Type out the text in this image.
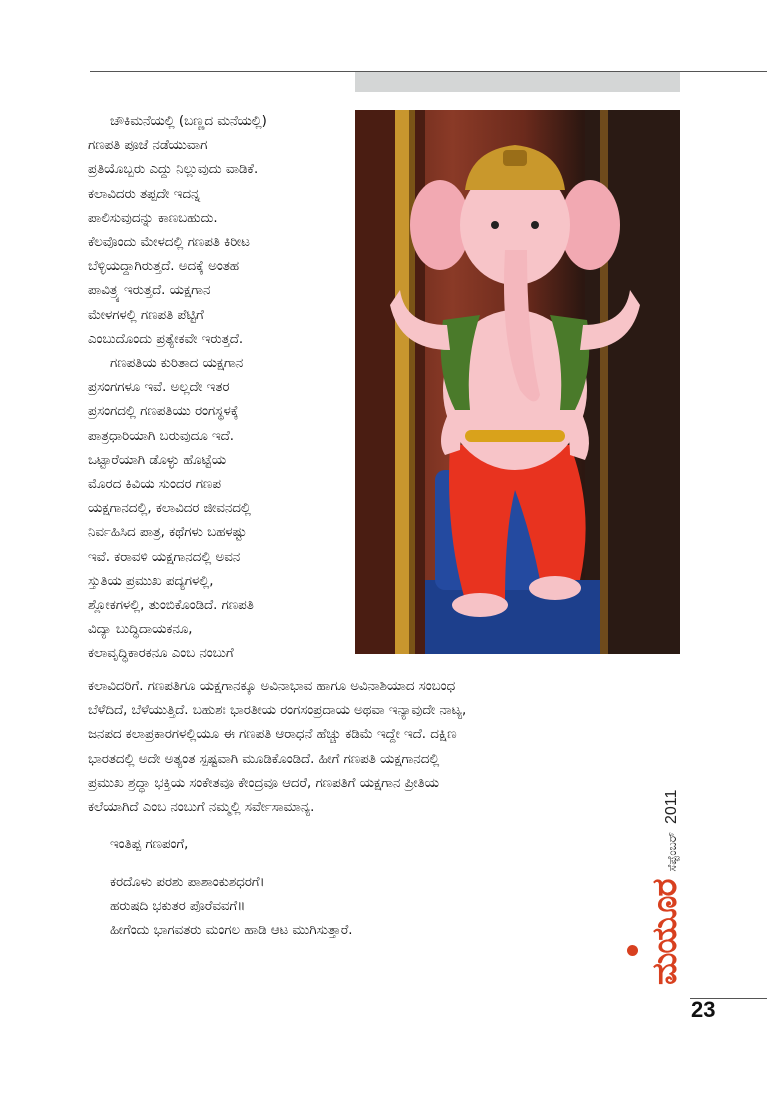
ಚೌಕಿಮನೆಯಲ್ಲಿ (ಬಣ್ಣದ ಮನೆಯಲ್ಲಿ)
ಗಣಪತಿ ಪೂಜೆ ನಡೆಯುವಾಗ
ಪ್ರತಿಯೊಬ್ಬರು ಎದ್ದು ನಿಲ್ಲುವುದು ವಾಡಿಕೆ.
ಕಲಾವಿದರು ತಪ್ಪದೇ ಇದನ್ನ
ಪಾಲಿಸುವುದನ್ನು ಕಾಣಬಹುದು.
ಕೆಲವೊಂದು ಮೇಳದಲ್ಲಿ ಗಣಪತಿ ಕಿರೀಟ
ಬೆಳ್ಳಿಯದ್ದಾಗಿರುತ್ತದೆ. ಅದಕ್ಕೆ ಅಂತಹ
ಪಾವಿತ್ರ್ಯ ಇರುತ್ತದೆ. ಯಕ್ಷಗಾನ
ಮೇಳಗಳಲ್ಲಿ ಗಣಪತಿ ಪೆಟ್ಟಿಗೆ
ಎಂಬುದೊಂದು ಪ್ರತ್ಯೇಕವೇ ಇರುತ್ತದೆ.

ಗಣಪತಿಯ ಕುರಿತಾದ ಯಕ್ಷಗಾನ
ಪ್ರಸಂಗಗಳೂ ಇವೆ. ಅಲ್ಲದೇ ಇತರ
ಪ್ರಸಂಗದಲ್ಲಿ ಗಣಪತಿಯು ರಂಗಸ್ಥಳಕ್ಕೆ
ಪಾತ್ರಧಾರಿಯಾಗಿ ಬರುವುದೂ ಇದೆ.
ಒಟ್ಟಾರೆಯಾಗಿ ಡೊಳ್ಳು ಹೊಟ್ಟೆಯ
ಮೊರದ ಕಿವಿಯ ಸುಂದರ ಗಣಪ
ಯಕ್ಷಗಾನದಲ್ಲಿ, ಕಲಾವಿದರ ಜೀವನದಲ್ಲಿ
ನಿರ್ವಹಿಸಿದ ಪಾತ್ರ, ಕಥೆಗಳು ಬಹಳಷ್ಟು
ಇವೆ. ಕರಾವಳಿ ಯಕ್ಷಗಾನದಲ್ಲಿ ಅವನ
ಸ್ತುತಿಯ ಪ್ರಮುಖ ಪದ್ಯಗಳಲ್ಲಿ,
ಶ್ಲೋಕಗಳಲ್ಲಿ, ತುಂಬಿಕೊಂಡಿದೆ. ಗಣಪತಿ
ವಿದ್ಯಾ ಬುದ್ಧಿದಾಯಕನೂ,
ಕಲಾವೃದ್ಧಿಕಾರಕನೂ ಎಂಬ ನಂಬುಗೆ

ಕಲಾವಿದರಿಗೆ. ಗಣಪತಿಗೂ ಯಕ್ಷಗಾನಕ್ಕೂ ಅವಿನಾಭಾವ ಹಾಗೂ ಅವಿನಾಶಿಯಾದ ಸಂಬಂಧ
ಬೆಳೆದಿದೆ, ಬೆಳೆಯುತ್ತಿದೆ. ಬಹುಶಃ ಭಾರತೀಯ ರಂಗಸಂಪ್ರದಾಯ ಅಥವಾ ಇನ್ಯಾವುದೇ ನಾಟ್ಯ,
ಜನಪದ ಕಲಾಪ್ರಕಾರಗಳಲ್ಲಿಯೂ ಈ ಗಣಪತಿ ಆರಾಧನೆ ಹೆಚ್ಚು ಕಡಿಮೆ ಇದ್ದೇ ಇದೆ. ದಕ್ಷಿಣ
ಭಾರತದಲ್ಲಿ ಅದೇ ಅತ್ಯಂತ ಸ್ಪಷ್ಟವಾಗಿ ಮೂಡಿಕೊಂಡಿದೆ. ಹೀಗೆ ಗಣಪತಿ ಯಕ್ಷಗಾನದಲ್ಲಿ
ಪ್ರಮುಖ ಶ್ರದ್ಧಾ ಭಕ್ತಿಯ ಸಂಕೇತವೂ ಕೇಂದ್ರವೂ ಆದರೆ, ಗಣಪತಿಗೆ ಯಕ್ಷಗಾನ ಪ್ರೀತಿಯ
ಕಲೆಯಾಗಿದೆ ಎಂಬ ನಂಬುಗೆ ನಮ್ಮಲ್ಲಿ ಸರ್ವೇಸಾಮಾನ್ಯ.

ಇಂತಿಪ್ಪ ಗಣಪಂಗೆ,

ಕರದೊಳು ಪರಶು ಪಾಶಾಂಕುಶಧರಗೆ।

ಹರುಷದಿ ಭಕುತರ ಪೊರೆವವಗೆ॥

ಹೀಗೆಂದು ಭಾಗವತರು ಮಂಗಲ ಹಾಡಿ ಆಟ ಮುಗಿಸುತ್ತಾರೆ.	ಮಯೂರ
ಸೆಪ್ಟೆಂಬರ್
2011
23
